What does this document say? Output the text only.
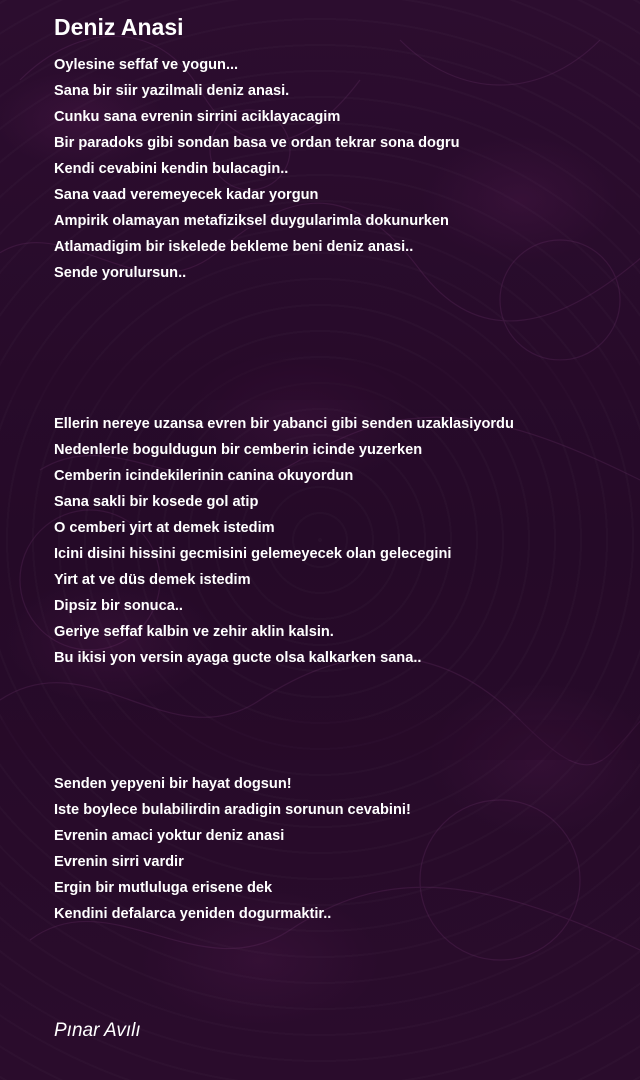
Deniz Anasi
Oylesine seffaf ve yogun...
Sana bir siir yazilmali deniz anasi.
Cunku sana evrenin sirrini aciklayacagim
Bir paradoks gibi sondan basa ve ordan tekrar sona dogru
Kendi cevabini kendin bulacagin..
Sana vaad veremeyecek kadar yorgun
Ampirik olamayan metafiziksel duygularimla dokunurken
Atlamadigim bir iskelede bekleme beni deniz anasi..
Sende yorulursun..
Ellerin nereye uzansa evren bir yabanci gibi senden uzaklasiyordu
Nedenlerle boguldugun bir cemberin icinde yuzerken
Cemberin icindekilerinin canina okuyordun
Sana sakli bir kosede gol atip
O cemberi yirt at demek istedim
Icini disini hissini gecmisini gelemeyecek olan gelecegini
Yirt at ve düs demek istedim
Dipsiz bir sonuca..
Geriye seffaf kalbin ve zehir aklin kalsin.
Bu ikisi yon versin ayaga gucte olsa kalkarken sana..
Senden yepyeni bir hayat dogsun!
Iste boylece bulabilirdin aradigin sorunun cevabini!
Evrenin amaci yoktur deniz anasi
Evrenin sirri vardir
Ergin bir mutluluga erisene dek
Kendini defalarca yeniden dogurmaktir..
Pınar Avılı
